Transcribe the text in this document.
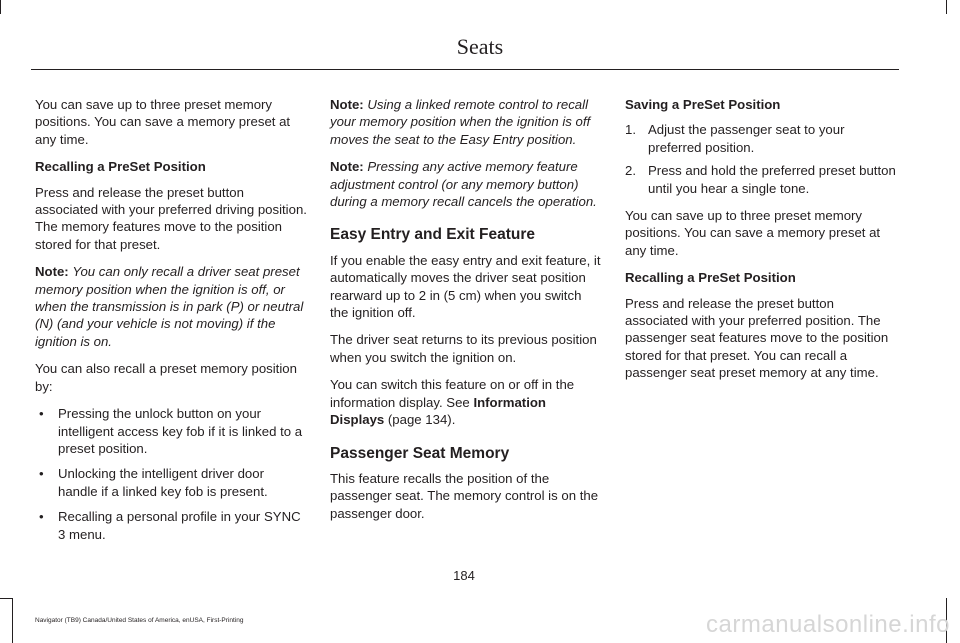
Seats

You can save up to three preset memory positions. You can save a memory preset at any time.

Recalling a PreSet Position

Press and release the preset button associated with your preferred driving position. The memory features move to the position stored for that preset.

Note: You can only recall a driver seat preset memory position when the ignition is off, or when the transmission is in park (P) or neutral (N) (and your vehicle is not moving) if the ignition is on.

You can also recall a preset memory position by:

• Pressing the unlock button on your intelligent access key fob if it is linked to a preset position.
• Unlocking the intelligent driver door handle if a linked key fob is present.
• Recalling a personal profile in your SYNC 3 menu.

Note: Using a linked remote control to recall your memory position when the ignition is off moves the seat to the Easy Entry position.

Note: Pressing any active memory feature adjustment control (or any memory button) during a memory recall cancels the operation.

Easy Entry and Exit Feature

If you enable the easy entry and exit feature, it automatically moves the driver seat position rearward up to 2 in (5 cm) when you switch the ignition off.

The driver seat returns to its previous position when you switch the ignition on.

You can switch this feature on or off in the information display. See Information Displays (page 134).

Passenger Seat Memory

This feature recalls the position of the passenger seat. The memory control is on the passenger door.

Saving a PreSet Position
1. Adjust the passenger seat to your preferred position.
2. Press and hold the preferred preset button until you hear a single tone.

You can save up to three preset memory positions. You can save a memory preset at any time.

Recalling a PreSet Position

Press and release the preset button associated with your preferred position. The passenger seat features move to the position stored for that preset. You can recall a passenger seat preset memory at any time.

184
Navigator (TB9) Canada/United States of America, enUSA, First-Printing	carmanualsonline.info
